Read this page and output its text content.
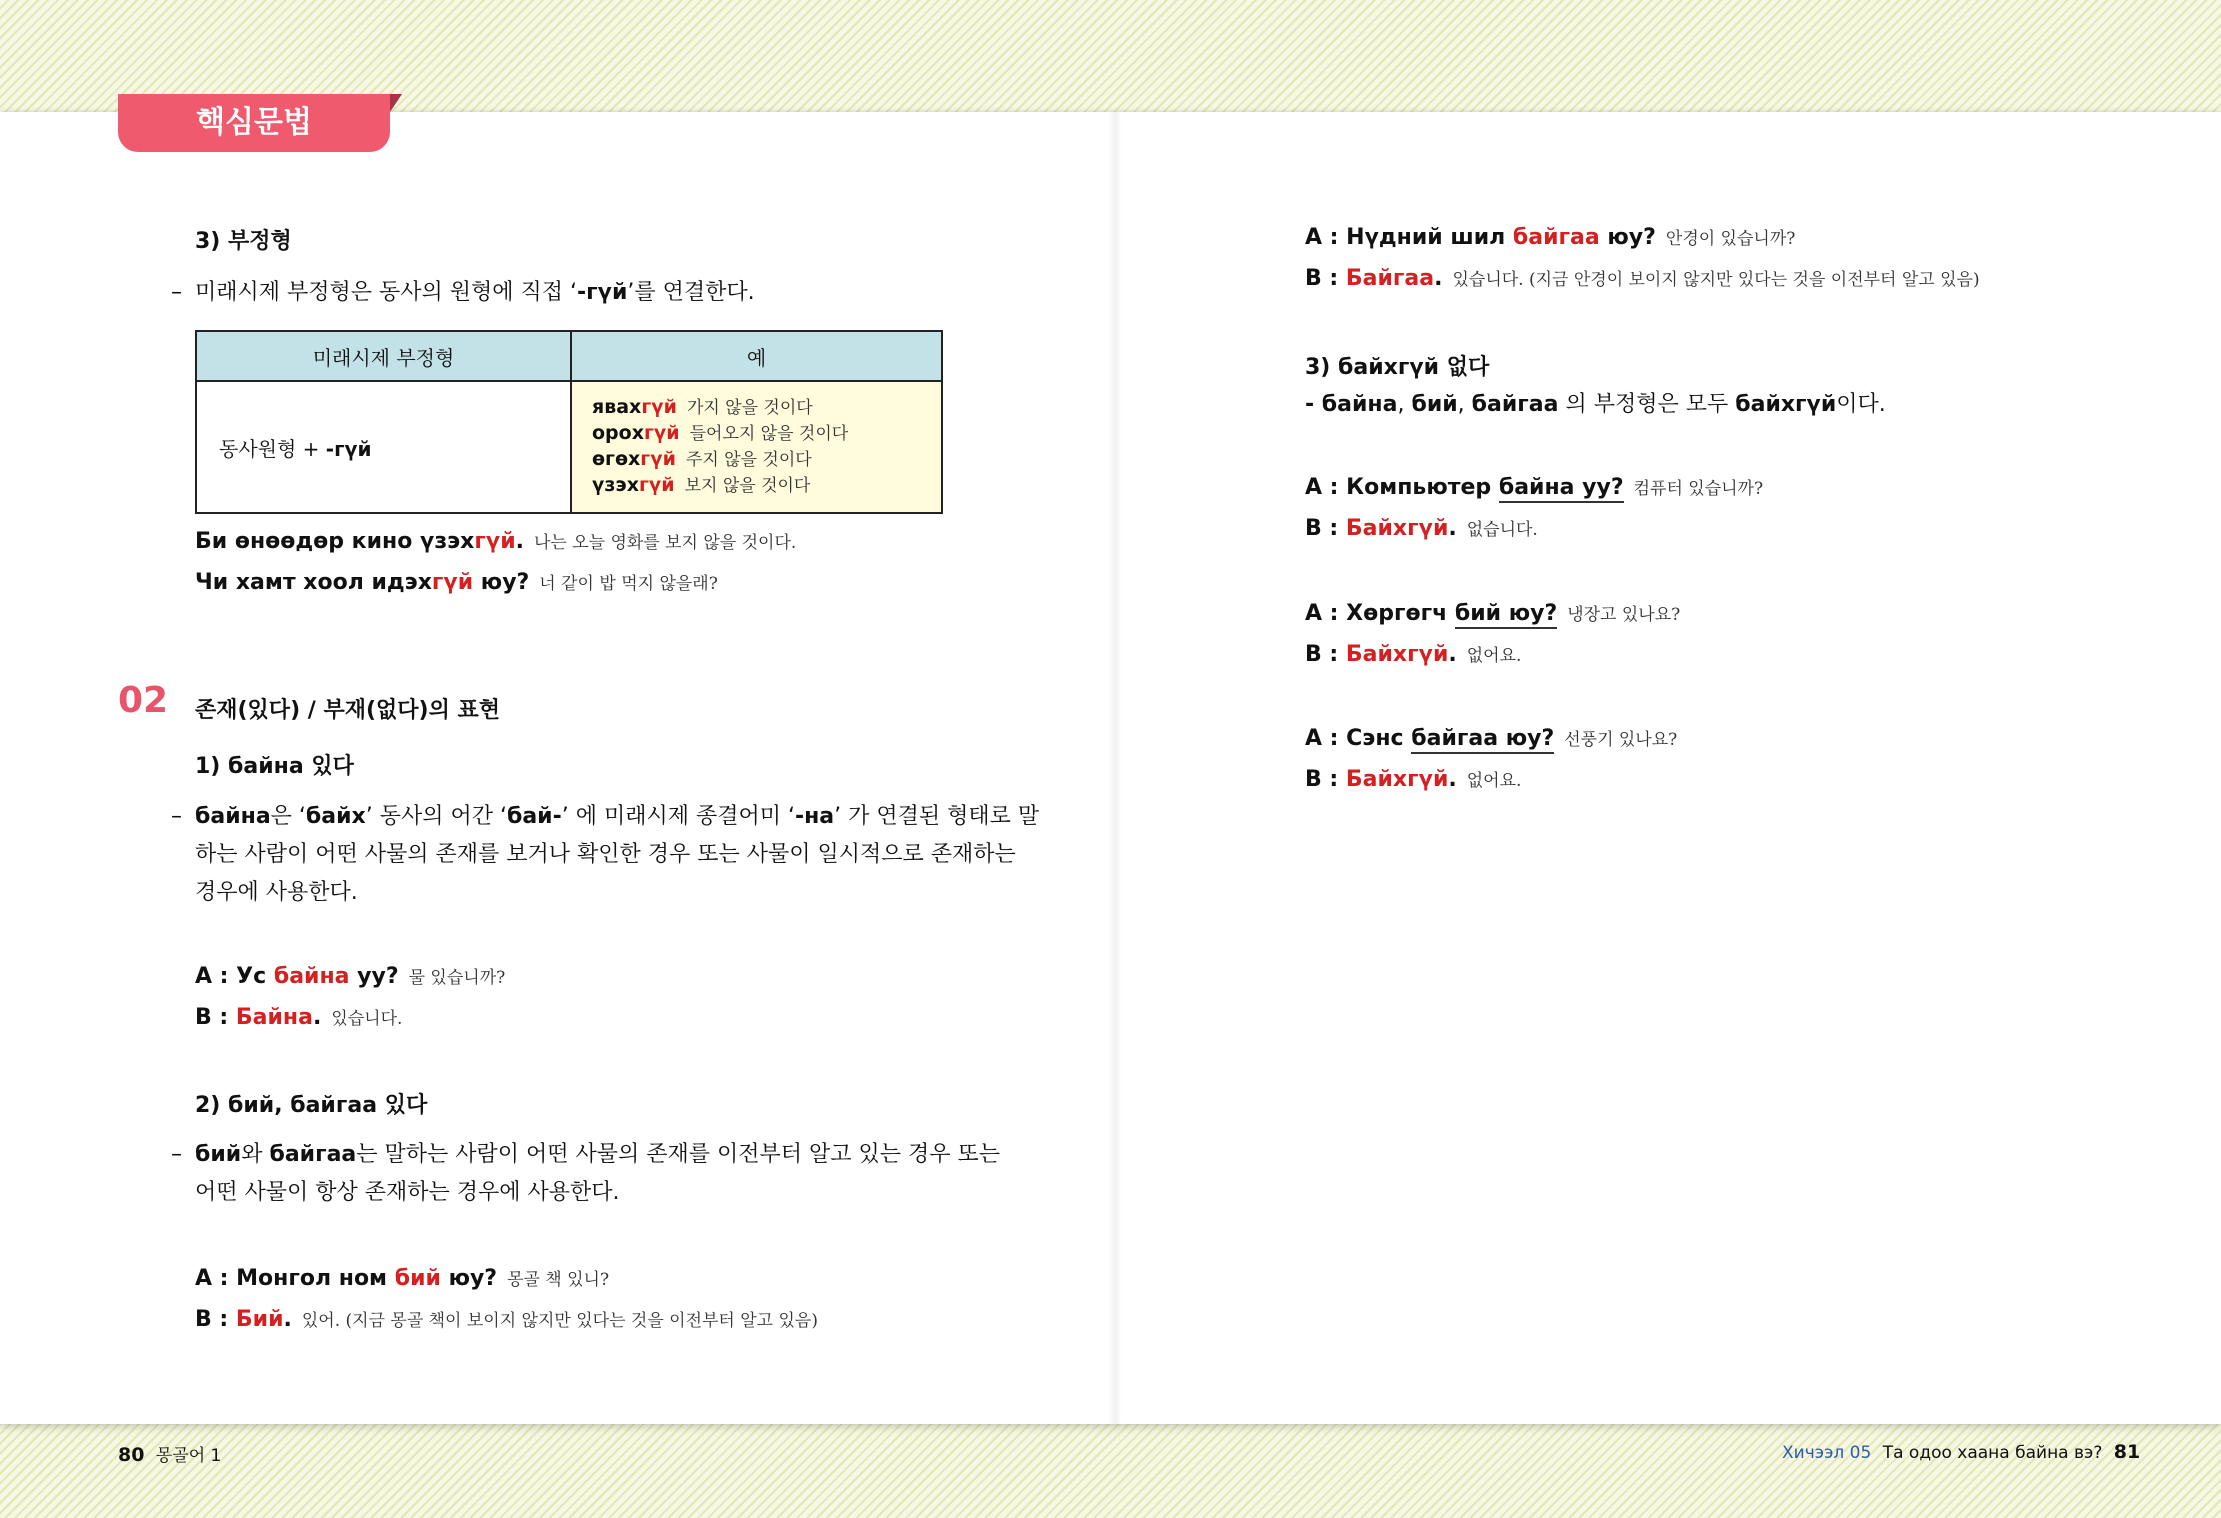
핵심문법
3) 부정형
– 미래시제 부정형은 동사의 원형에 직접 ‘-гүй’를 연결한다.
미래시제 부정형	예
동사원형 + -гүй	явахгүй 가지 않을 것이다
орохгүй 들어오지 않을 것이다
өгөхгүй 주지 않을 것이다
үзэхгүй 보지 않을 것이다
Би өнөөдөр кино үзэхгүй. 나는 오늘 영화를 보지 않을 것이다.
Чи хамт хоол идэхгүй юу? 너 같이 밥 먹지 않을래?
02 존재(있다) / 부재(없다)의 표현
1) байна 있다
– байна은 ‘байх’ 동사의 어간 ‘бай-’ 에 미래시제 종결어미 ‘-на’ 가 연결된 형태로 말
하는 사람이 어떤 사물의 존재를 보거나 확인한 경우 또는 사물이 일시적으로 존재하는
경우에 사용한다.
A : Ус байна уу? 물 있습니까?
B : Байна. 있습니다.
2) бий, байгаа 있다
– бий와 байгаа는 말하는 사람이 어떤 사물의 존재를 이전부터 알고 있는 경우 또는
어떤 사물이 항상 존재하는 경우에 사용한다.
A : Монгол ном бий юу? 몽골 책 있니?
B : Бий. 있어. (지금 몽골 책이 보이지 않지만 있다는 것을 이전부터 알고 있음)
A : Нүдний шил байгаа юу? 안경이 있습니까?
B : Байгаа. 있습니다. (지금 안경이 보이지 않지만 있다는 것을 이전부터 알고 있음)
3) байхгүй 없다
- байна, бий, байгаа 의 부정형은 모두 байхгүй이다.
A : Компьютер байна уу? 컴퓨터 있습니까?
B : Байхгүй. 없습니다.
A : Хөргөгч бий юу? 냉장고 있나요?
B : Байхгүй. 없어요.
A : Сэнс байгаа юу? 선풍기 있나요?
B : Байхгүй. 없어요.
80 몽골어 1	Хичээл 05 Та одоо хаана байна вэ? 81
